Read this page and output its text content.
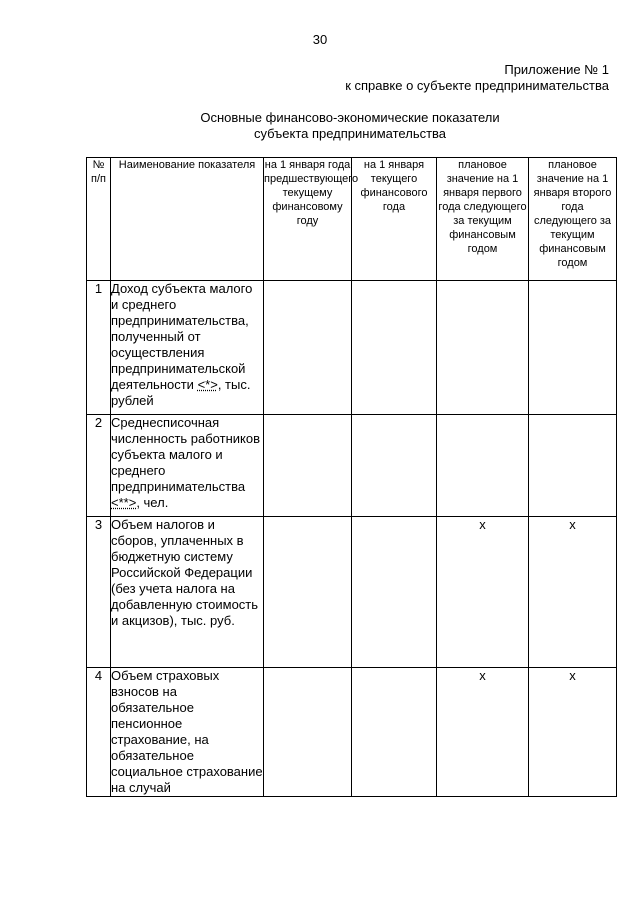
30
Приложение № 1
к справке о субъекте предпринимательства
Основные финансово-экономические показатели
субъекта предпринимательства
№ п/п	Наименование показателя	на 1 января года предшествующего текущему финансовому году	на 1 января текущего финансового года	плановое значение на 1 января первого года следующего за текущим финансовым годом	плановое значение на 1 января второго года следующего за текущим финансовым годом
1	Доход субъекта малого и среднего предпринимательства, полученный от осуществления предпринимательской деятельности <*>, тыс. рублей				
2	Среднесписочная численность работников субъекта малого и среднего предпринимательства <**>, чел.				
3	Объем налогов и сборов, уплаченных в бюджетную систему Российской Федерации (без учета налога на добавленную стоимость и акцизов), тыс. руб.			x	x
4	Объем страховых взносов на обязательное пенсионное страхование, на обязательное социальное страхование на случай			x	x
